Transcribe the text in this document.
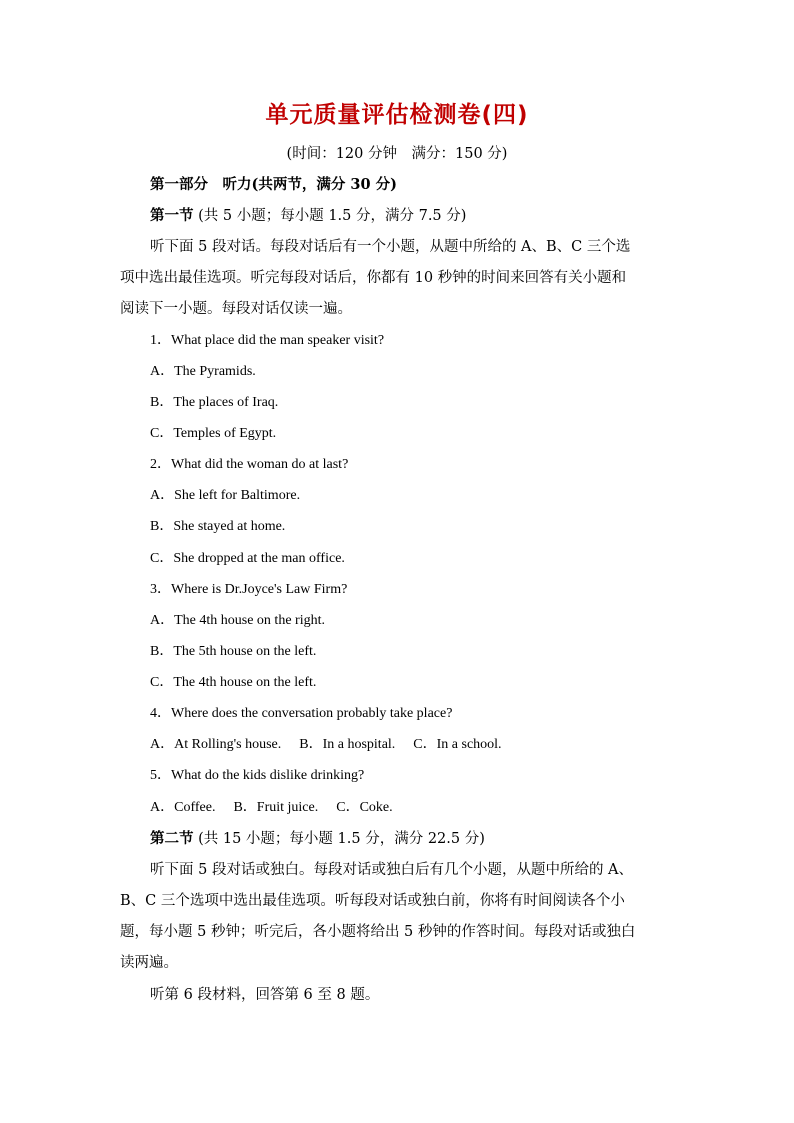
单元质量评估检测卷(四)
(时间：120 分钟　满分：150 分)
第一部分　听力(共两节，满分 30 分)
第一节 (共 5 小题；每小题 1.5 分，满分 7.5 分)
听下面 5 段对话。每段对话后有一个小题，从题中所给的 A、B、C 三个选
项中选出最佳选项。听完每段对话后，你都有 10 秒钟的时间来回答有关小题和
阅读下一小题。每段对话仅读一遍。
1．What place did the man speaker visit?
A．The Pyramids.
B．The places of Iraq.
C．Temples of Egypt.
2．What did the woman do at last?
A．She left for Baltimore.
B．She stayed at home.
C．She dropped at the man office.
3．Where is Dr.Joyce's Law Firm?
A．The 4th house on the right.
B．The 5th house on the left.
C．The 4th house on the left.
4．Where does the conversation probably take place?
A．At Rolling's house. B．In a hospital. C．In a school.
5．What do the kids dislike drinking?
A．Coffee. B．Fruit juice. C．Coke.
第二节 (共 15 小题；每小题 1.5 分，满分 22.5 分)
听下面 5 段对话或独白。每段对话或独白后有几个小题，从题中所给的 A、
B、C 三个选项中选出最佳选项。听每段对话或独白前，你将有时间阅读各个小
题，每小题 5 秒钟；听完后，各小题将给出 5 秒钟的作答时间。每段对话或独白
读两遍。
听第 6 段材料，回答第 6 至 8 题。
